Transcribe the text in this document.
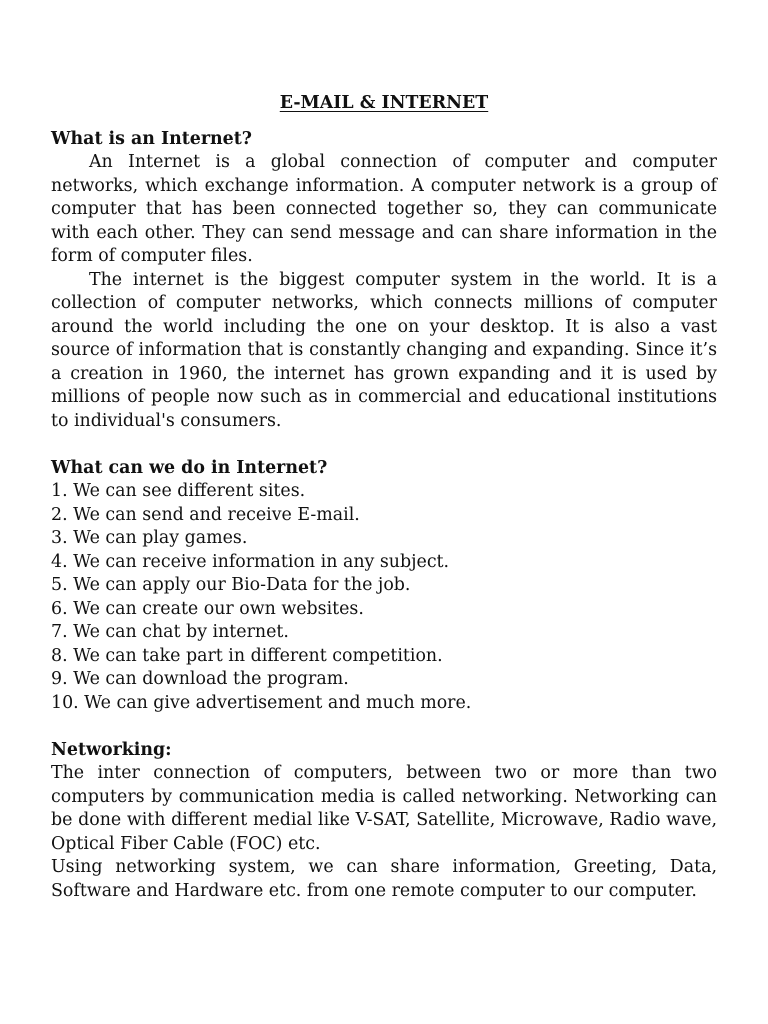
E-MAIL & INTERNET
What is an Internet?

An Internet is a global connection of computer and computer networks, which exchange information. A computer network is a group of computer that has been connected together so, they can communicate with each other. They can send message and can share information in the form of computer files.

The internet is the biggest computer system in the world. It is a collection of computer networks, which connects millions of computer around the world including the one on your desktop. It is also a vast source of information that is constantly changing and expanding. Since it’s a creation in 1960, the internet has grown expanding and it is used by millions of people now such as in commercial and educational institutions to individual's consumers.

What can we do in Internet?
1. We can see different sites.
2. We can send and receive E-mail.
3. We can play games.
4. We can receive information in any subject.
5. We can apply our Bio-Data for the job.
6. We can create our own websites.
7. We can chat by internet.
8. We can take part in different competition.
9. We can download the program.
10. We can give advertisement and much more.
Networking:

The inter connection of computers, between two or more than two computers by communication media is called networking. Networking can be done with different medial like V-SAT, Satellite, Microwave, Radio wave, Optical Fiber Cable (FOC) etc.

Using networking system, we can share information, Greeting, Data, Software and Hardware etc. from one remote computer to our computer.
